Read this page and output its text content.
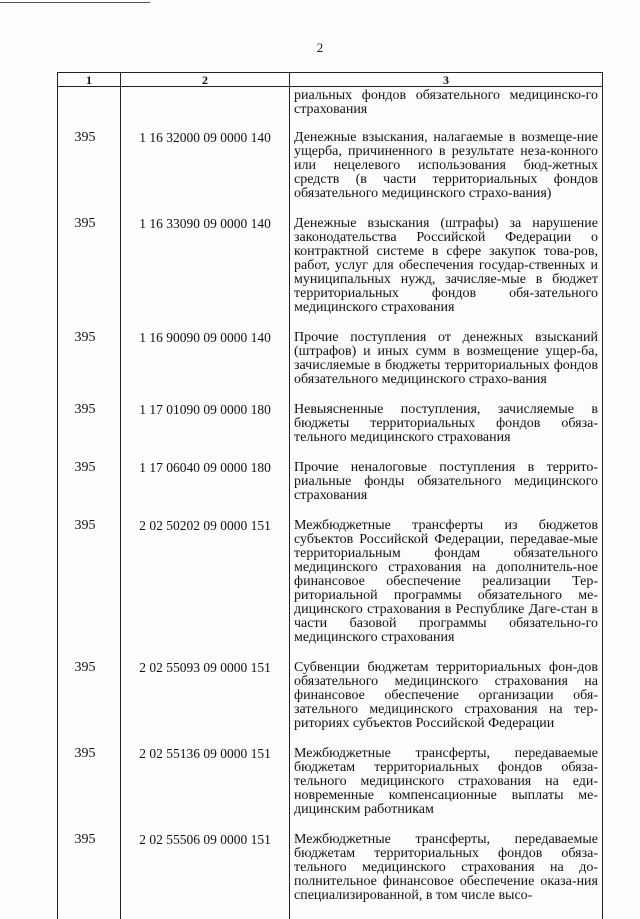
2
1	2	3
		риальных фондов обязательного медицинско-го страхования
395	1 16 32000 09 0000 140	Денежные взыскания, налагаемые в возмеще-ние ущерба, причиненного в результате неза-конного или нецелевого использования бюд-жетных средств (в части территориальных фондов обязательного медицинского страхо-вания)
395	1 16 33090 09 0000 140	Денежные взыскания (штрафы) за нарушение законодательства Российской Федерации о контрактной системе в сфере закупок това-ров, работ, услуг для обеспечения государ-ственных и муниципальных нужд, зачисляе-мые в бюджет территориальных фондов обя-зательного медицинского страхования
395	1 16 90090 09 0000 140	Прочие поступления от денежных взысканий (штрафов) и иных сумм в возмещение ущер-ба, зачисляемые в бюджеты территориальных фондов обязательного медицинского страхо-вания
395	1 17 01090 09 0000 180	Невыясненные поступления, зачисляемые в бюджеты территориальных фондов обяза-тельного медицинского страхования
395	1 17 06040 09 0000 180	Прочие неналоговые поступления в террито-риальные фонды обязательного медицинского страхования
395	2 02 50202 09 0000 151	Межбюджетные трансферты из бюджетов субъектов Российской Федерации, передавае-мые территориальным фондам обязательного медицинского страхования на дополнитель-ное финансовое обеспечение реализации Тер-риториальной программы обязательного ме-дицинского страхования в Республике Даге-стан в части базовой программы обязательно-го медицинского страхования
395	2 02 55093 09 0000 151	Субвенции бюджетам территориальных фон-дов обязательного медицинского страхования на финансовое обеспечение организации обя-зательного медицинского страхования на тер-риториях субъектов Российской Федерации
395	2 02 55136 09 0000 151	Межбюджетные трансферты, передаваемые бюджетам территориальных фондов обяза-тельного медицинского страхования на еди-новременные компенсационные выплаты ме-дицинским работникам
395	2 02 55506 09 0000 151	Межбюджетные трансферты, передаваемые бюджетам территориальных фондов обяза-тельного медицинского страхования на до-полнительное финансовое обеспечение оказа-ния специализированной, в том числе высо-
